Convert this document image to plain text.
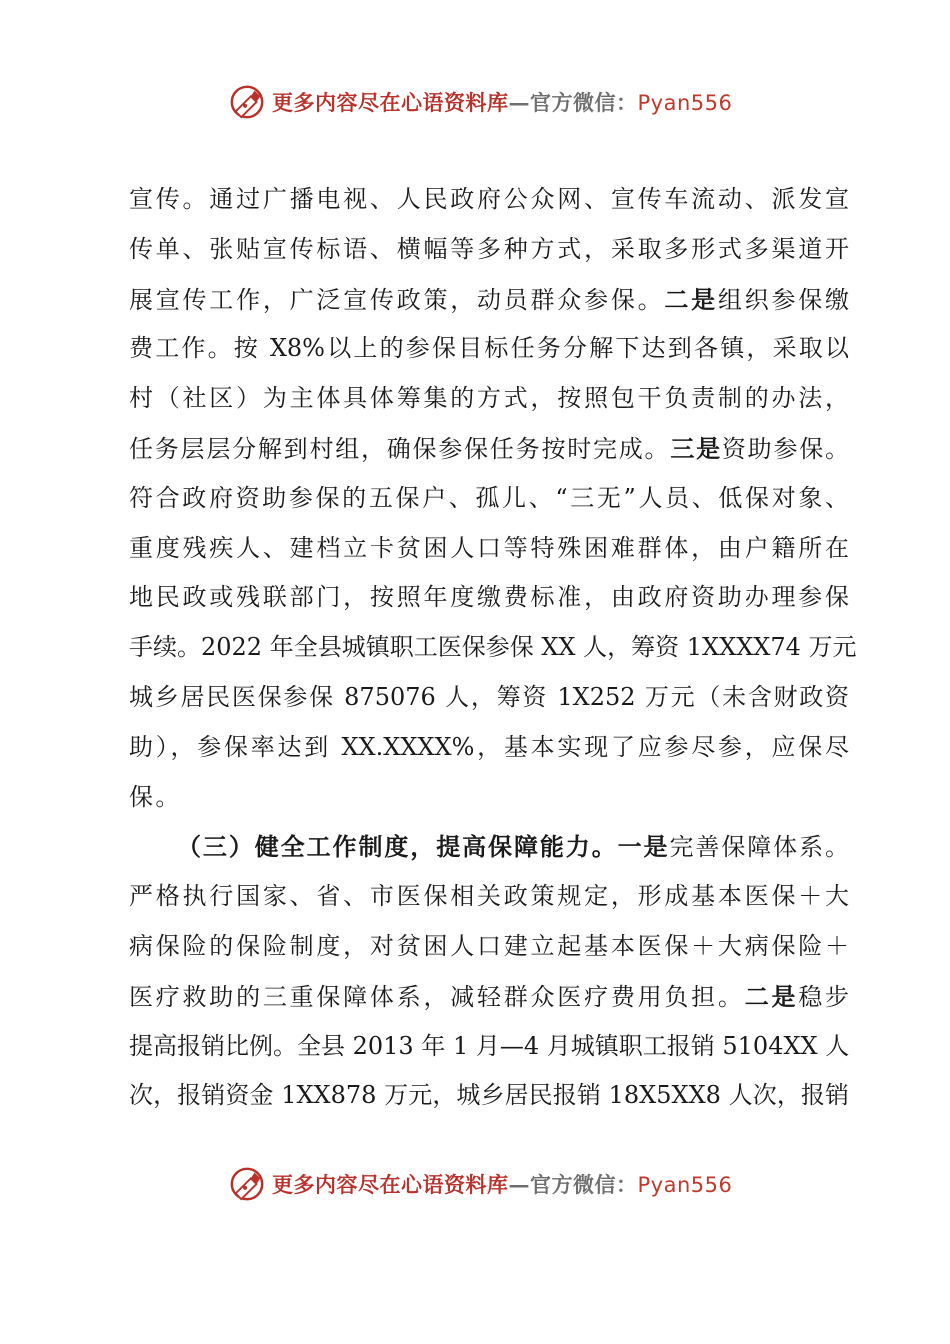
更多内容尽在心语资料库—官方微信：Pyan556
宣传。通过广播电视、人民政府公众网、宣传车流动、派发宣
传单、张贴宣传标语、横幅等多种方式，采取多形式多渠道开
展宣传工作，广泛宣传政策，动员群众参保。二是组织参保缴
费工作。按 X8%以上的参保目标任务分解下达到各镇，采取以
村（社区）为主体具体筹集的方式，按照包干负责制的办法，
任务层层分解到村组，确保参保任务按时完成。三是资助参保。
符合政府资助参保的五保户、孤儿、“三无”人员、低保对象、
重度残疾人、建档立卡贫困人口等特殊困难群体，由户籍所在
地民政或残联部门，按照年度缴费标准，由政府资助办理参保
手续。2022 年全县城镇职工医保参保 XX 人，筹资 1XXXX74 万元
城乡居民医保参保 875076 人，筹资 1X252 万元（未含财政资
助），参保率达到 XX.XXXX%，基本实现了应参尽参，应保尽
保。
（三）健全工作制度，提高保障能力。一是完善保障体系。
严格执行国家、省、市医保相关政策规定，形成基本医保＋大
病保险的保险制度，对贫困人口建立起基本医保＋大病保险＋
医疗救助的三重保障体系，减轻群众医疗费用负担。二是稳步
提高报销比例。全县 2013 年 1 月—4 月城镇职工报销 5104XX 人
次，报销资金 1XX878 万元，城乡居民报销 18X5XX8 人次，报销
更多内容尽在心语资料库—官方微信：Pyan556
